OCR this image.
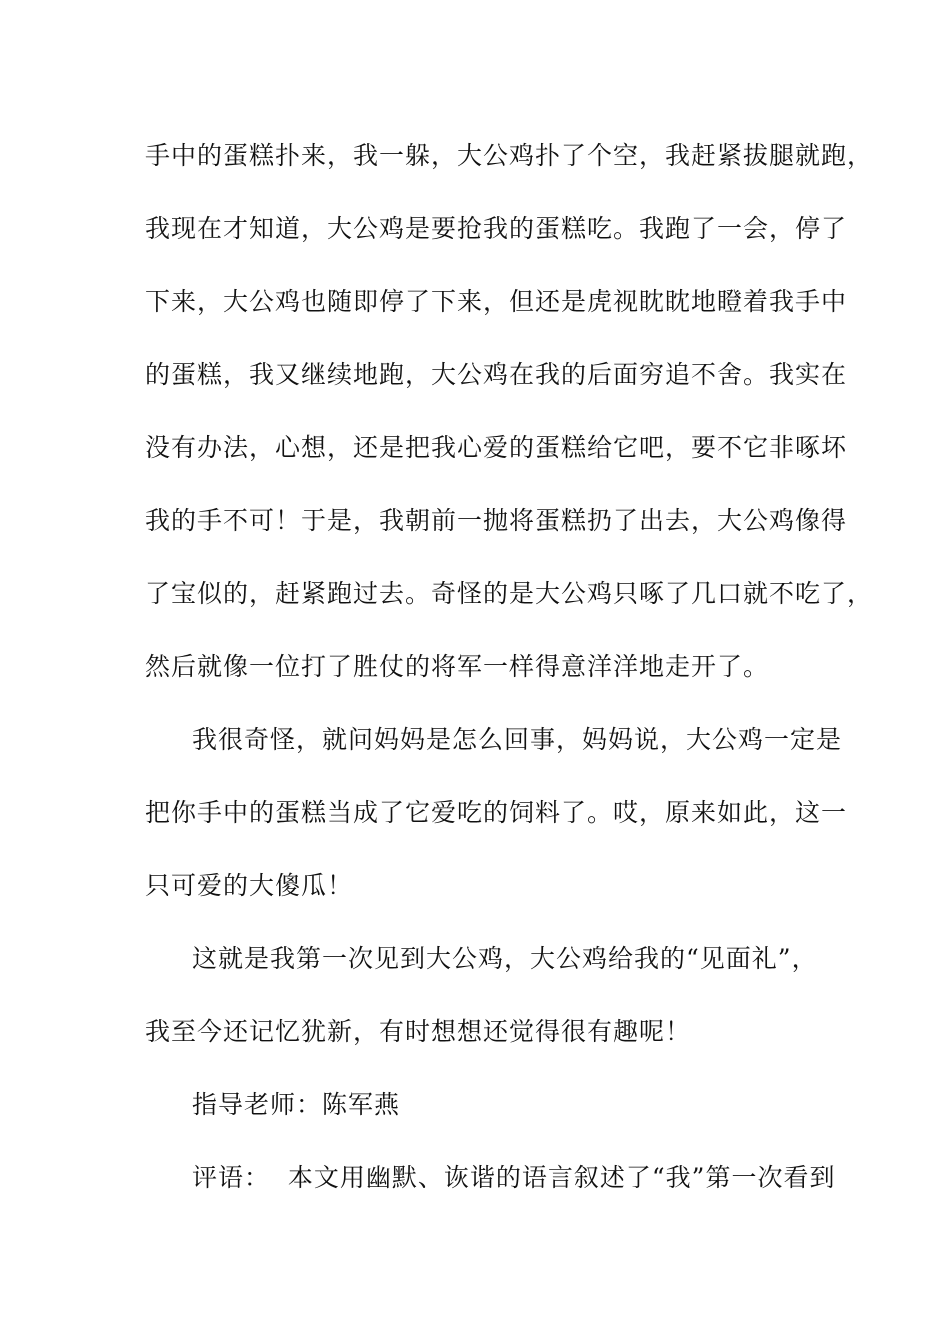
手中的蛋糕扑来，我一躲，大公鸡扑了个空，我赶紧拔腿就跑，
我现在才知道，大公鸡是要抢我的蛋糕吃。我跑了一会，停了
下来，大公鸡也随即停了下来，但还是虎视眈眈地瞪着我手中
的蛋糕，我又继续地跑，大公鸡在我的后面穷追不舍。我实在
没有办法，心想，还是把我心爱的蛋糕给它吧，要不它非啄坏
我的手不可！于是，我朝前一抛将蛋糕扔了出去，大公鸡像得
了宝似的，赶紧跑过去。奇怪的是大公鸡只啄了几口就不吃了，
然后就像一位打了胜仗的将军一样得意洋洋地走开了。
我很奇怪，就问妈妈是怎么回事，妈妈说，大公鸡一定是
把你手中的蛋糕当成了它爱吃的饲料了。哎，原来如此，这一
只可爱的大傻瓜！
这就是我第一次见到大公鸡，大公鸡给我的“见面礼”，
我至今还记忆犹新，有时想想还觉得很有趣呢！
指导老师：陈军燕
评语：  本文用幽默、诙谐的语言叙述了“我”第一次看到
